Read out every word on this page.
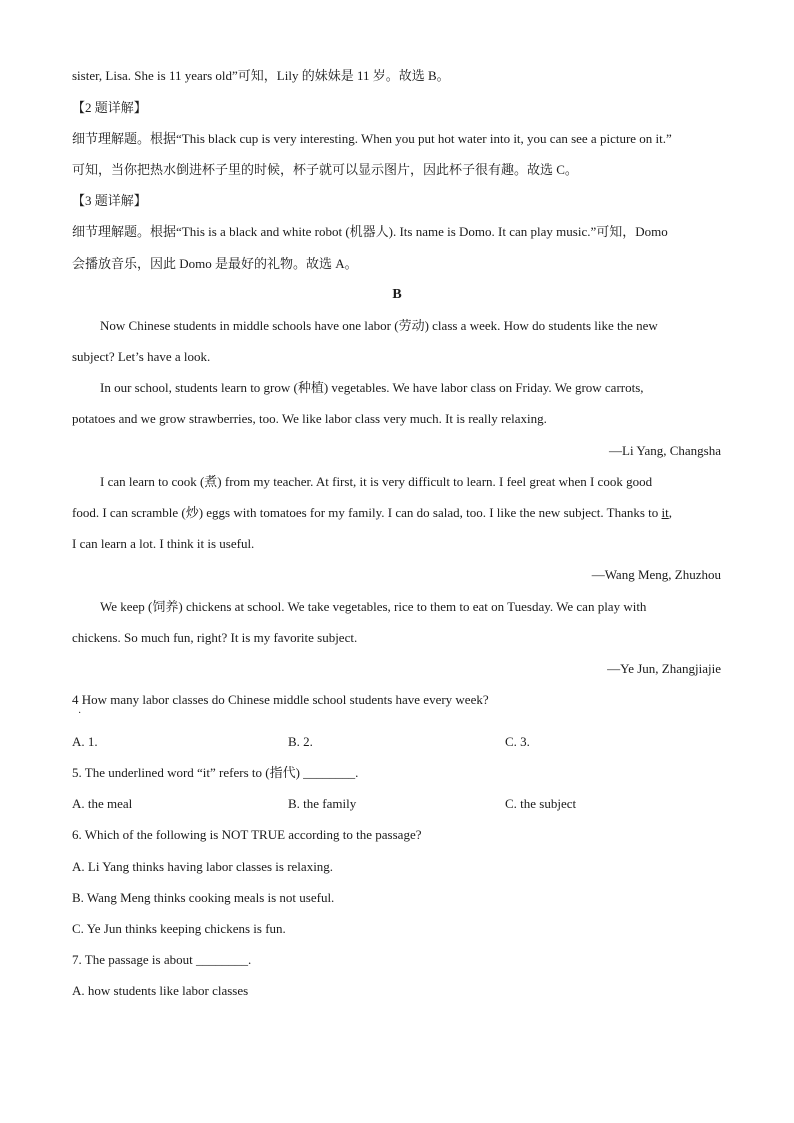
sister, Lisa. She is 11 years old”可知，Lily 的妹妹是 11 岁。故选 B。
【2 题详解】
细节理解题。根据“This black cup is very interesting. When you put hot water into it, you can see a picture on it.”
可知，当你把热水倒进杯子里的时候，杯子就可以显示图片，因此杯子很有趣。故选 C。
【3 题详解】
细节理解题。根据“This is a black and white robot (机器人). Its name is Domo. It can play music.”可知，Domo
会播放音乐，因此 Domo 是最好的礼物。故选 A。
B
Now Chinese students in middle schools have one labor (劳动) class a week. How do students like the new
subject? Let’s have a look.
In our school, students learn to grow (种植) vegetables. We have labor class on Friday. We grow carrots,
potatoes and we grow strawberries, too. We like labor class very much. It is really relaxing.
—Li Yang, Changsha
I can learn to cook (煮) from my teacher. At first, it is very difficult to learn. I feel great when I cook good
food. I can scramble (炒) eggs with tomatoes for my family. I can do salad, too. I like the new subject. Thanks to it,
I can learn a lot. I think it is useful.
—Wang Meng, Zhuzhou
We keep (饲养) chickens at school. We take vegetables, rice to them to eat on Tuesday. We can play with
chickens. So much fun, right? It is my favorite subject.
—Ye Jun, Zhangjiajie
4 How many labor classes do Chinese middle school students have every week?
·
A. 1.	B. 2.	C. 3.
5. The underlined word “it” refers to (指代) ________.
A. the meal	B. the family	C. the subject
6. Which of the following is NOT TRUE according to the passage?
A. Li Yang thinks having labor classes is relaxing.
B. Wang Meng thinks cooking meals is not useful.
C. Ye Jun thinks keeping chickens is fun.
7. The passage is about ________.
A. how students like labor classes
